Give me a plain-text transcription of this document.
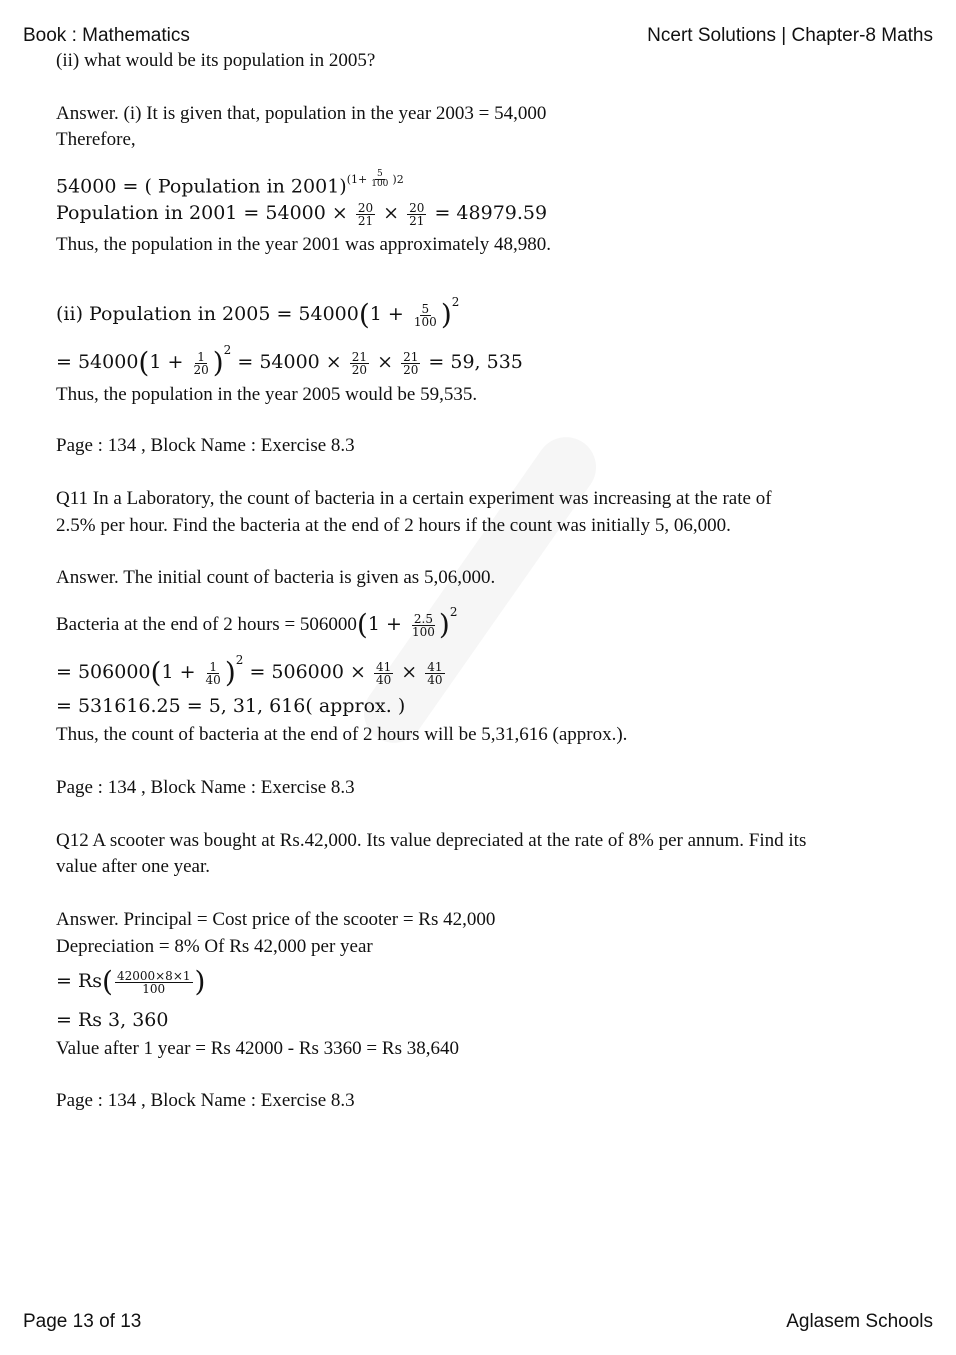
Book : Mathematics	Ncert Solutions | Chapter-8 Maths
(ii) what would be its population in 2005?
Answer. (i) It is given that, population in the year 2003 = 54,000
Therefore,
54000 = ( Population in 2001) ($1+ \frac{5}{100}$ ) 2
Population in $2001 = 54000 \times \frac{20}{21} \times \frac{20}{21} = 48979.59$
Thus, the population in the year 2001 was approximately 48,980.
(ii) Population in $2005 = 54000(1 + \frac{5}{100} )2$
= $54000(1 + \frac{1}{20} )2 = 54000 \times \frac{21}{20} \times \frac{21}{20} = 59$, 535
Thus, the population in the year 2005 would be 59,535.
Page : 134 , Block Name : Exercise 8.3
Q11 In a Laboratory, the count of bacteria in a certain experiment was increasing at the rate of
2.5% per hour. Find the bacteria at the end of 2 hours if the count was initially 5, 06,000.
Answer. The initial count of bacteria is given as 5,06,000.
Bacteria at the end of 2 hours = $506000(1 + \frac{2.5}{100} )2$
= $506000(1 + \frac{1}{40} )2 = 506000 \times \frac{41}{40} \times \frac{41}{40}$
= 531616.25 = 5, 31, 616( approx. )
Thus, the count of bacteria at the end of 2 hours will be 5,31,616 (approx.).
Page : 134 , Block Name : Exercise 8.3
Q12 A scooter was bought at Rs.42,000. Its value depreciated at the rate of 8% per annum. Find its
value after one year.
Answer. Principal = Cost price of the scooter = Rs 42,000
Depreciation = 8% Of Rs 42,000 per year
= $Rs( \frac{42000\times 8\times 1}{100}$ )
= Rs 3, 360
Value after 1 year = Rs 42000 - Rs 3360 = Rs 38,640
Page : 134 , Block Name : Exercise 8.3
Page 13 of 13	Aglasem Schools
